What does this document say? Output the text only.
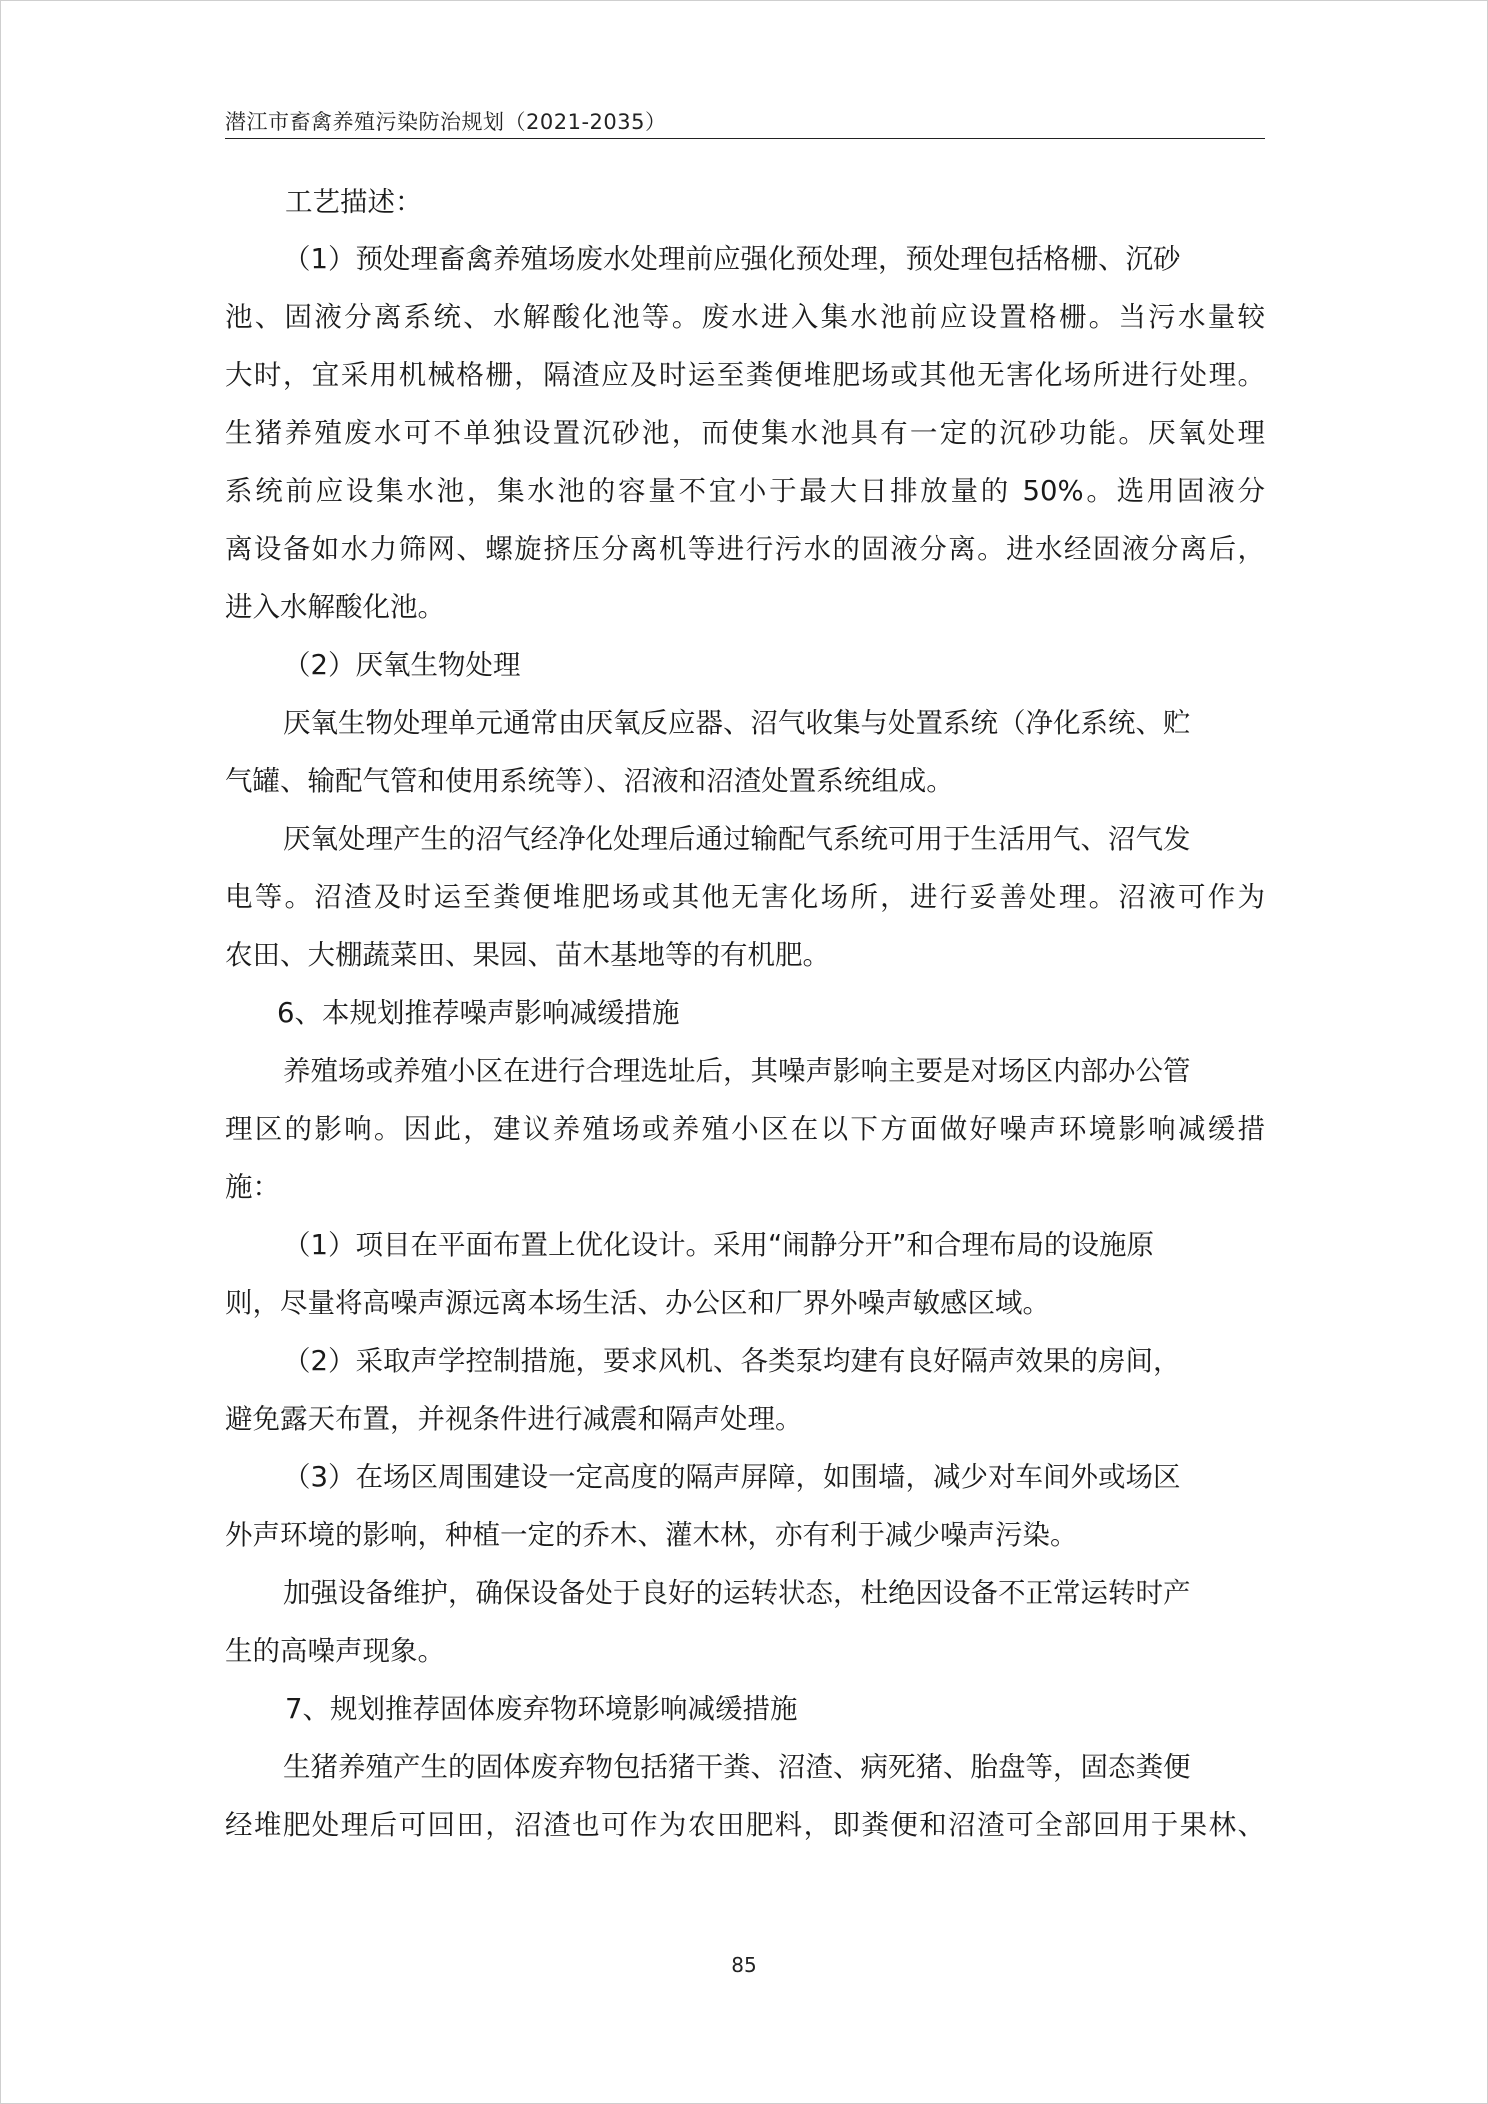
潜江市畜禽养殖污染防治规划（2021-2035）
工艺描述：
（1）预处理畜禽养殖场废水处理前应强化预处理，预处理包括格栅、沉砂
池、固液分离系统、水解酸化池等。废水进入集水池前应设置格栅。当污水量较
大时，宜采用机械格栅，隔渣应及时运至粪便堆肥场或其他无害化场所进行处理。
生猪养殖废水可不单独设置沉砂池，而使集水池具有一定的沉砂功能。厌氧处理
系统前应设集水池，集水池的容量不宜小于最大日排放量的 50%。选用固液分
离设备如水力筛网、螺旋挤压分离机等进行污水的固液分离。进水经固液分离后，
进入水解酸化池。
（2）厌氧生物处理
厌氧生物处理单元通常由厌氧反应器、沼气收集与处置系统（净化系统、贮
气罐、输配气管和使用系统等）、沼液和沼渣处置系统组成。
厌氧处理产生的沼气经净化处理后通过输配气系统可用于生活用气、沼气发
电等。沼渣及时运至粪便堆肥场或其他无害化场所，进行妥善处理。沼液可作为
农田、大棚蔬菜田、果园、苗木基地等的有机肥。
6、本规划推荐噪声影响减缓措施
养殖场或养殖小区在进行合理选址后，其噪声影响主要是对场区内部办公管
理区的影响。因此，建议养殖场或养殖小区在以下方面做好噪声环境影响减缓措
施：
（1）项目在平面布置上优化设计。采用“闹静分开”和合理布局的设施原
则，尽量将高噪声源远离本场生活、办公区和厂界外噪声敏感区域。
（2）采取声学控制措施，要求风机、各类泵均建有良好隔声效果的房间，
避免露天布置，并视条件进行减震和隔声处理。
（3）在场区周围建设一定高度的隔声屏障，如围墙，减少对车间外或场区
外声环境的影响，种植一定的乔木、灌木林，亦有利于减少噪声污染。
加强设备维护，确保设备处于良好的运转状态，杜绝因设备不正常运转时产
生的高噪声现象。
7、规划推荐固体废弃物环境影响减缓措施
生猪养殖产生的固体废弃物包括猪干粪、沼渣、病死猪、胎盘等，固态粪便
经堆肥处理后可回田，沼渣也可作为农田肥料，即粪便和沼渣可全部回用于果林、
85
